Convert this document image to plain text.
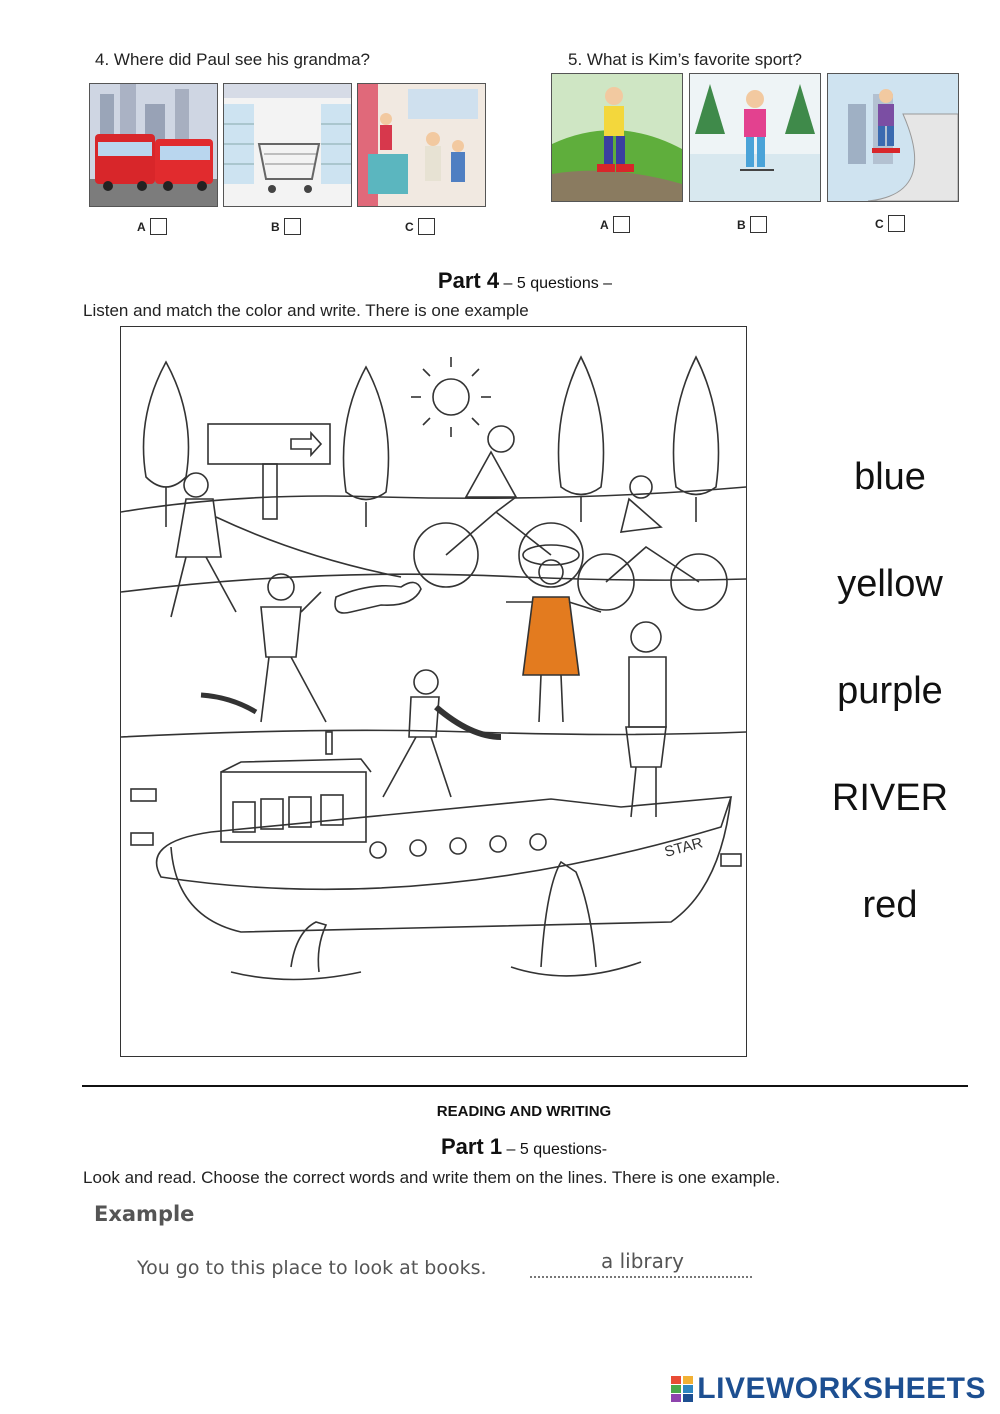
4. Where did Paul see his grandma?
A	B	C
5. What is Kim’s favorite sport?
A	B	C
Part 4 – 5 questions –
Listen and match the color and write. There is one example
STAR
blue
yellow
purple
RIVER
red
READING AND WRITING
Part 1 – 5 questions-
Look and read. Choose the correct words and write them on the lines. There is one example.
Example
You go to this place to look at books.	a library
LIVEWORKSHEETS
